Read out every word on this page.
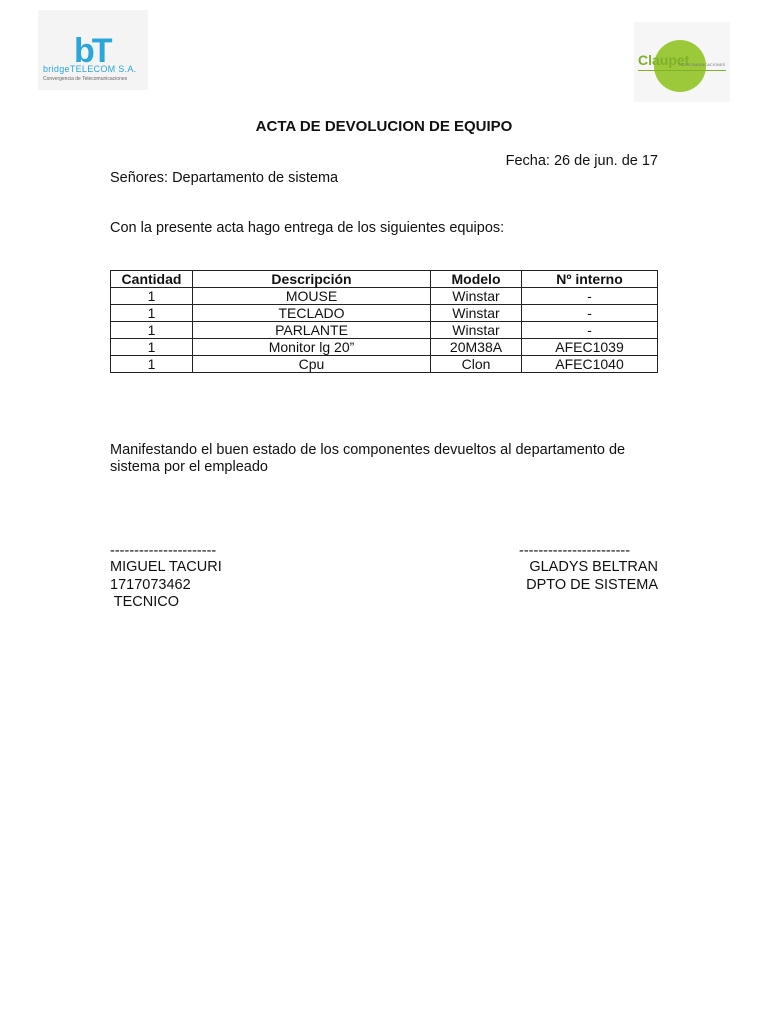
bT
bridgeTELECOM S.A.
Convergencia de Telecomunicaciones
Claupet
TELECOMUNICACIONES
ACTA DE DEVOLUCION DE EQUIPO
Fecha: 26 de jun. de 17
Señores: Departamento de sistema
Con la presente acta hago entrega de los siguientes equipos:
Cantidad	Descripción	Modelo	Nº interno
1	MOUSE	Winstar	-
1	TECLADO	Winstar	-
1	PARLANTE	Winstar	-
1	Monitor lg 20”	20M38A	AFEC1039
1	Cpu	Clon	AFEC1040
Manifestando el buen estado de los componentes devueltos al departamento de sistema por el empleado
----------------------	-----------------------
MIGUEL TACURI
1717073462
TECNICO
GLADYS BELTRAN
DPTO DE SISTEMA
